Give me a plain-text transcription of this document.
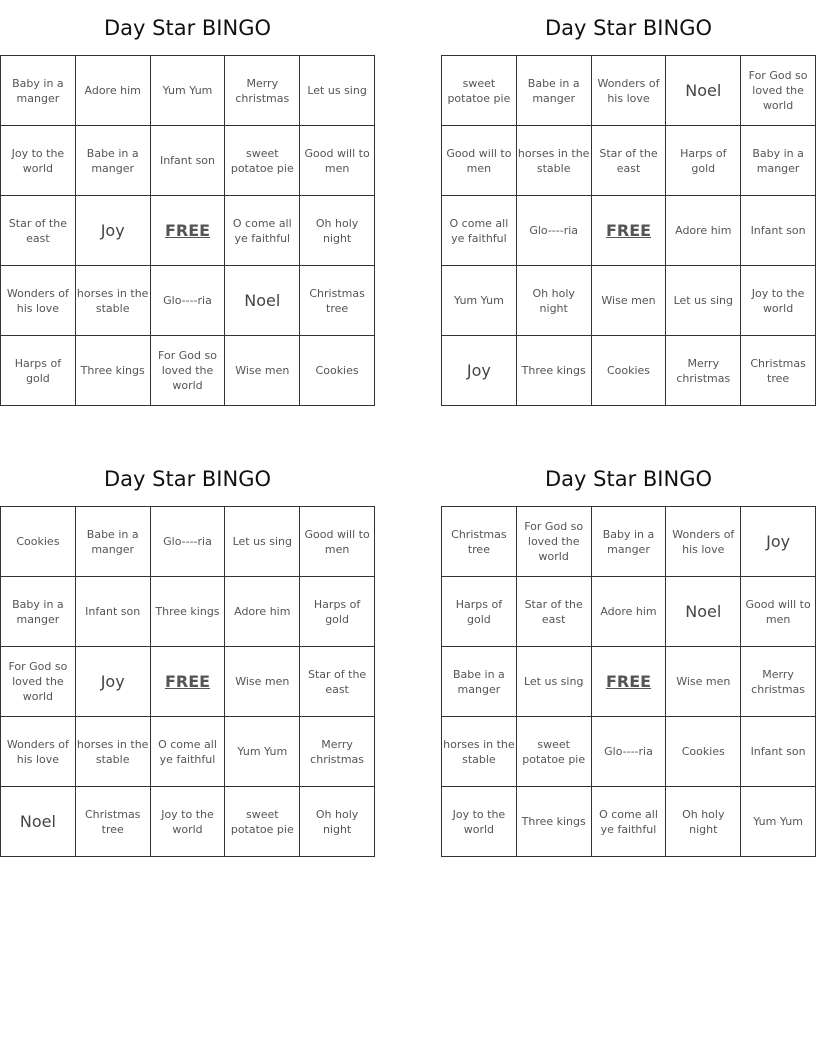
Day Star BINGO
Baby in a manger	Adore him	Yum Yum	Merry christmas	Let us sing
Joy to the world	Babe in a manger	Infant son	sweet potatoe pie	Good will to men
Star of the east	Joy	FREE	O come all ye faithful	Oh holy night
Wonders of his love	horses in the stable	Glo----ria	Noel	Christmas tree
Harps of gold	Three kings	For God so loved the world	Wise men	Cookies
Day Star BINGO
sweet potatoe pie	Babe in a manger	Wonders of his love	Noel	For God so loved the world
Good will to men	horses in the stable	Star of the east	Harps of gold	Baby in a manger
O come all ye faithful	Glo----ria	FREE	Adore him	Infant son
Yum Yum	Oh holy night	Wise men	Let us sing	Joy to the world
Joy	Three kings	Cookies	Merry christmas	Christmas tree
Day Star BINGO
Cookies	Babe in a manger	Glo----ria	Let us sing	Good will to men
Baby in a manger	Infant son	Three kings	Adore him	Harps of gold
For God so loved the world	Joy	FREE	Wise men	Star of the east
Wonders of his love	horses in the stable	O come all ye faithful	Yum Yum	Merry christmas
Noel	Christmas tree	Joy to the world	sweet potatoe pie	Oh holy night
Day Star BINGO
Christmas tree	For God so loved the world	Baby in a manger	Wonders of his love	Joy
Harps of gold	Star of the east	Adore him	Noel	Good will to men
Babe in a manger	Let us sing	FREE	Wise men	Merry christmas
horses in the stable	sweet potatoe pie	Glo----ria	Cookies	Infant son
Joy to the world	Three kings	O come all ye faithful	Oh holy night	Yum Yum
